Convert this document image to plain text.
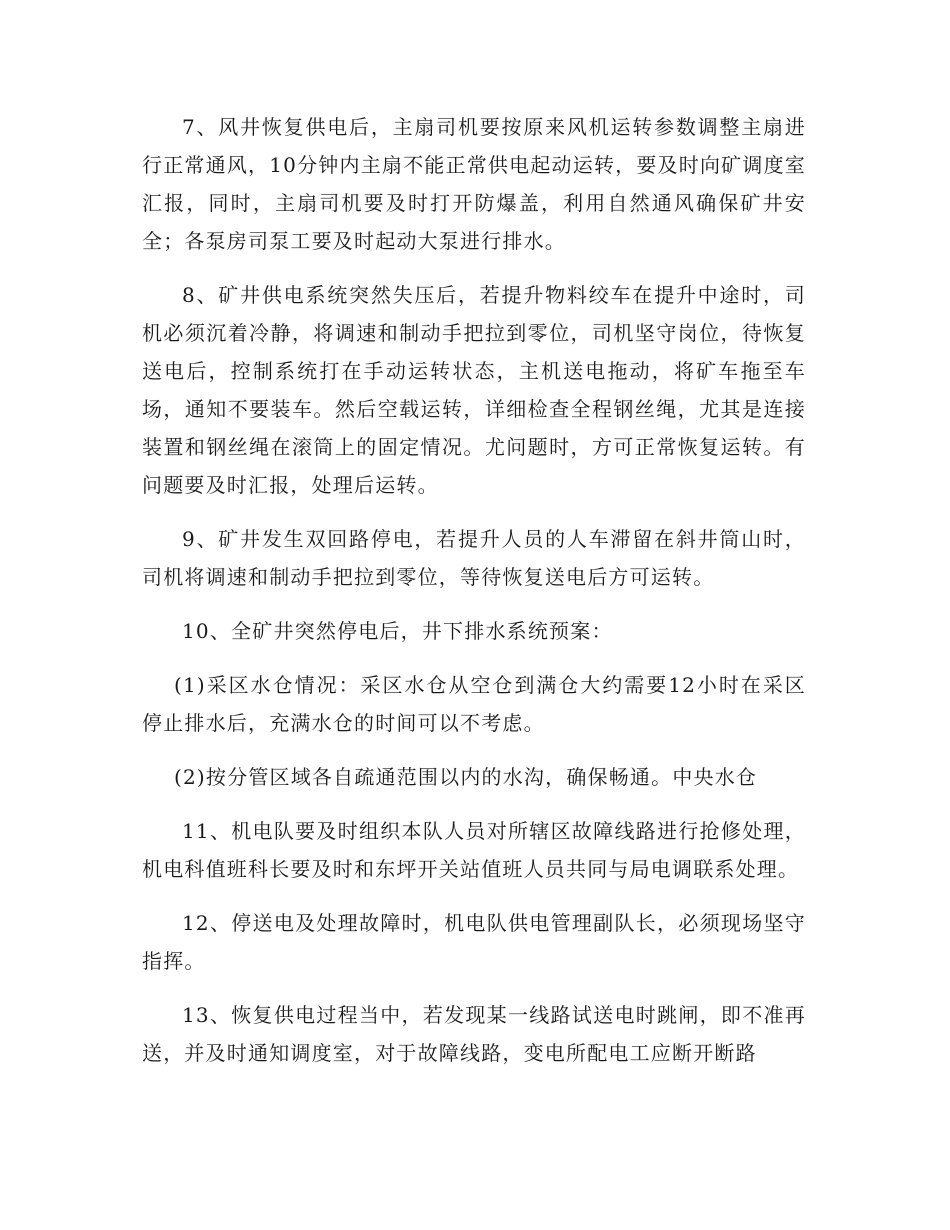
7、风井恢复供电后，主扇司机要按原来风机运转参数调整主扇进行正常通风，10分钟内主扇不能正常供电起动运转，要及时向矿调度室汇报，同时，主扇司机要及时打开防爆盖，利用自然通风确保矿井安全；各泵房司泵工要及时起动大泵进行排水。

8、矿井供电系统突然失压后，若提升物料绞车在提升中途时，司机必须沉着冷静，将调速和制动手把拉到零位，司机坚守岗位，待恢复送电后，控制系统打在手动运转状态，主机送电拖动，将矿车拖至车场，通知不要装车。然后空载运转，详细检查全程钢丝绳，尤其是连接装置和钢丝绳在滚筒上的固定情况。尤问题时，方可正常恢复运转。有问题要及时汇报，处理后运转。

9、矿井发生双回路停电，若提升人员的人车滞留在斜井筒山时，司机将调速和制动手把拉到零位，等待恢复送电后方可运转。

10、全矿井突然停电后，井下排水系统预案：

(1)采区水仓情况：采区水仓从空仓到满仓大约需要12小时在采区停止排水后，充满水仓的时间可以不考虑。

(2)按分管区域各自疏通范围以内的水沟，确保畅通。中央水仓

11、机电队要及时组织本队人员对所辖区故障线路进行抢修处理，机电科值班科长要及时和东坪开关站值班人员共同与局电调联系处理。

12、停送电及处理故障时，机电队供电管理副队长，必须现场坚守指挥。

13、恢复供电过程当中，若发现某一线路试送电时跳闸，即不准再送，并及时通知调度室，对于故障线路，变电所配电工应断开断路
